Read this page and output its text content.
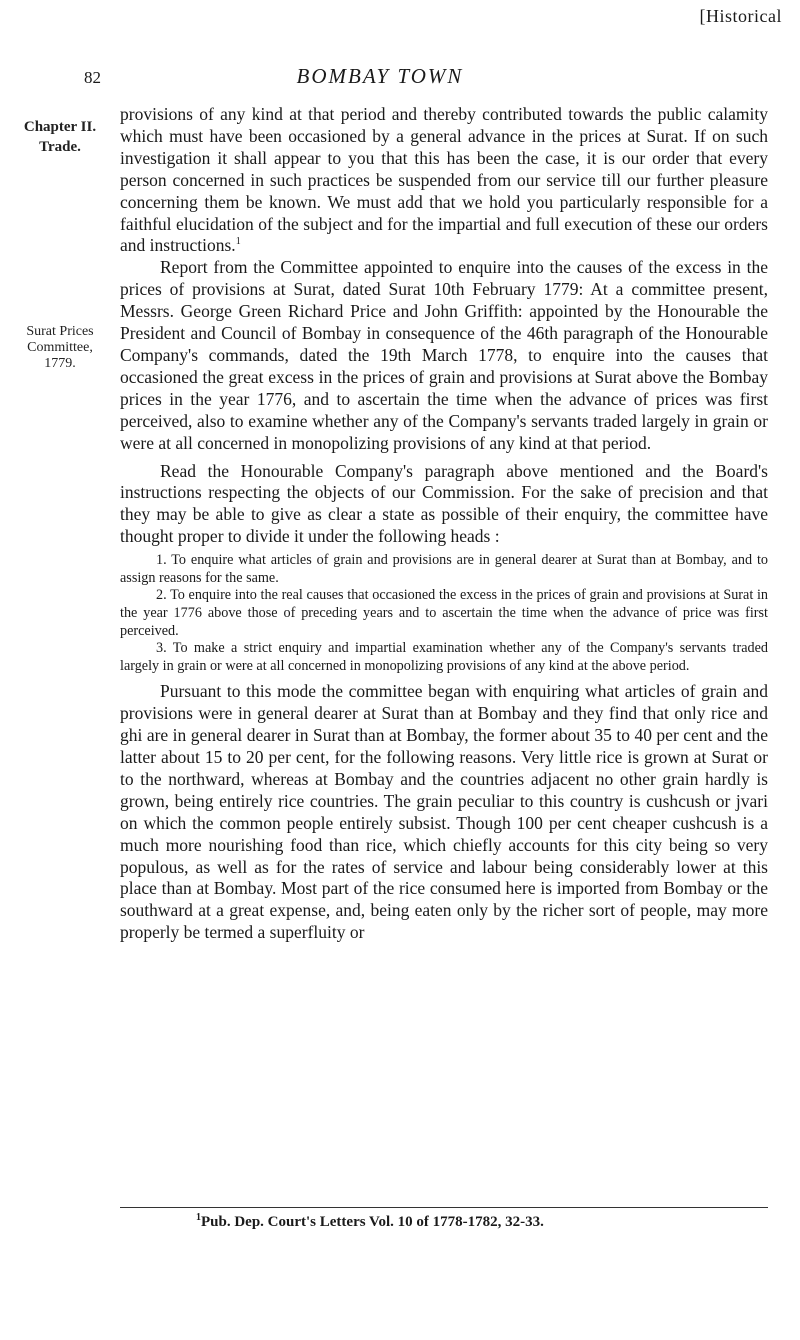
[Historical
82	BOMBAY TOWN
Chapter II.
Trade.
Surat Prices
Committee,
1779.

provisions of any kind at that period and thereby contributed towards the public calamity which must have been occasioned by a general advance in the prices at Surat. If on such investigation it shall appear to you that this has been the case, it is our order that every person concerned in such practices be suspended from our service till our further pleasure concerning them be known. We must add that we hold you particularly responsible for a faithful elucidation of the subject and for the impartial and full execution of these our orders and instructions.$^1$

Report from the Committee appointed to enquire into the causes of the excess in the prices of provisions at Surat, dated Surat 10th February 1779: At a committee present, Messrs. George Green Richard Price and John Griffith: appointed by the Honourable the President and Council of Bombay in consequence of the 46th paragraph of the Honourable Company's commands, dated the 19th March 1778, to enquire into the causes that occasioned the great excess in the prices of grain and provisions at Surat above the Bombay prices in the year 1776, and to ascertain the time when the advance of prices was first perceived, also to examine whether any of the Company's servants traded largely in grain or were at all concerned in monopolizing provisions of any kind at that period.

Read the Honourable Company's paragraph above mentioned and the Board's instructions respecting the objects of our Commission. For the sake of precision and that they may be able to give as clear a state as possible of their enquiry, the committee have thought proper to divide it under the following heads :

1. To enquire what articles of grain and provisions are in general dearer at Surat than at Bombay, and to assign reasons for the same.

2. To enquire into the real causes that occasioned the excess in the prices of grain and provisions at Surat in the year 1776 above those of preceding years and to ascertain the time when the advance of price was first perceived.

3. To make a strict enquiry and impartial examination whether any of the Company's servants traded largely in grain or were at all concerned in monopolizing provisions of any kind at the above period.

Pursuant to this mode the committee began with enquiring what articles of grain and provisions were in general dearer at Surat than at Bombay and they find that only rice and ghi are in general dearer in Surat than at Bombay, the former about 35 to 40 per cent and the latter about 15 to 20 per cent, for the following reasons. Very little rice is grown at Surat or to the northward, whereas at Bombay and the countries adjacent no other grain hardly is grown, being entirely rice countries. The grain peculiar to this country is cushcush or jvari on which the common people entirely subsist. Though 100 per cent cheaper cushcush is a much more nourishing food than rice, which chiefly accounts for this city being so very populous, as well as for the rates of service and labour being considerably lower at this place than at Bombay. Most part of the rice consumed here is imported from Bombay or the southward at a great expense, and, being eaten only by the richer sort of people, may more properly be termed a superfluity or

$^1$Pub. Dep. Court's Letters Vol. 10 of 1778-1782, 32-33.
